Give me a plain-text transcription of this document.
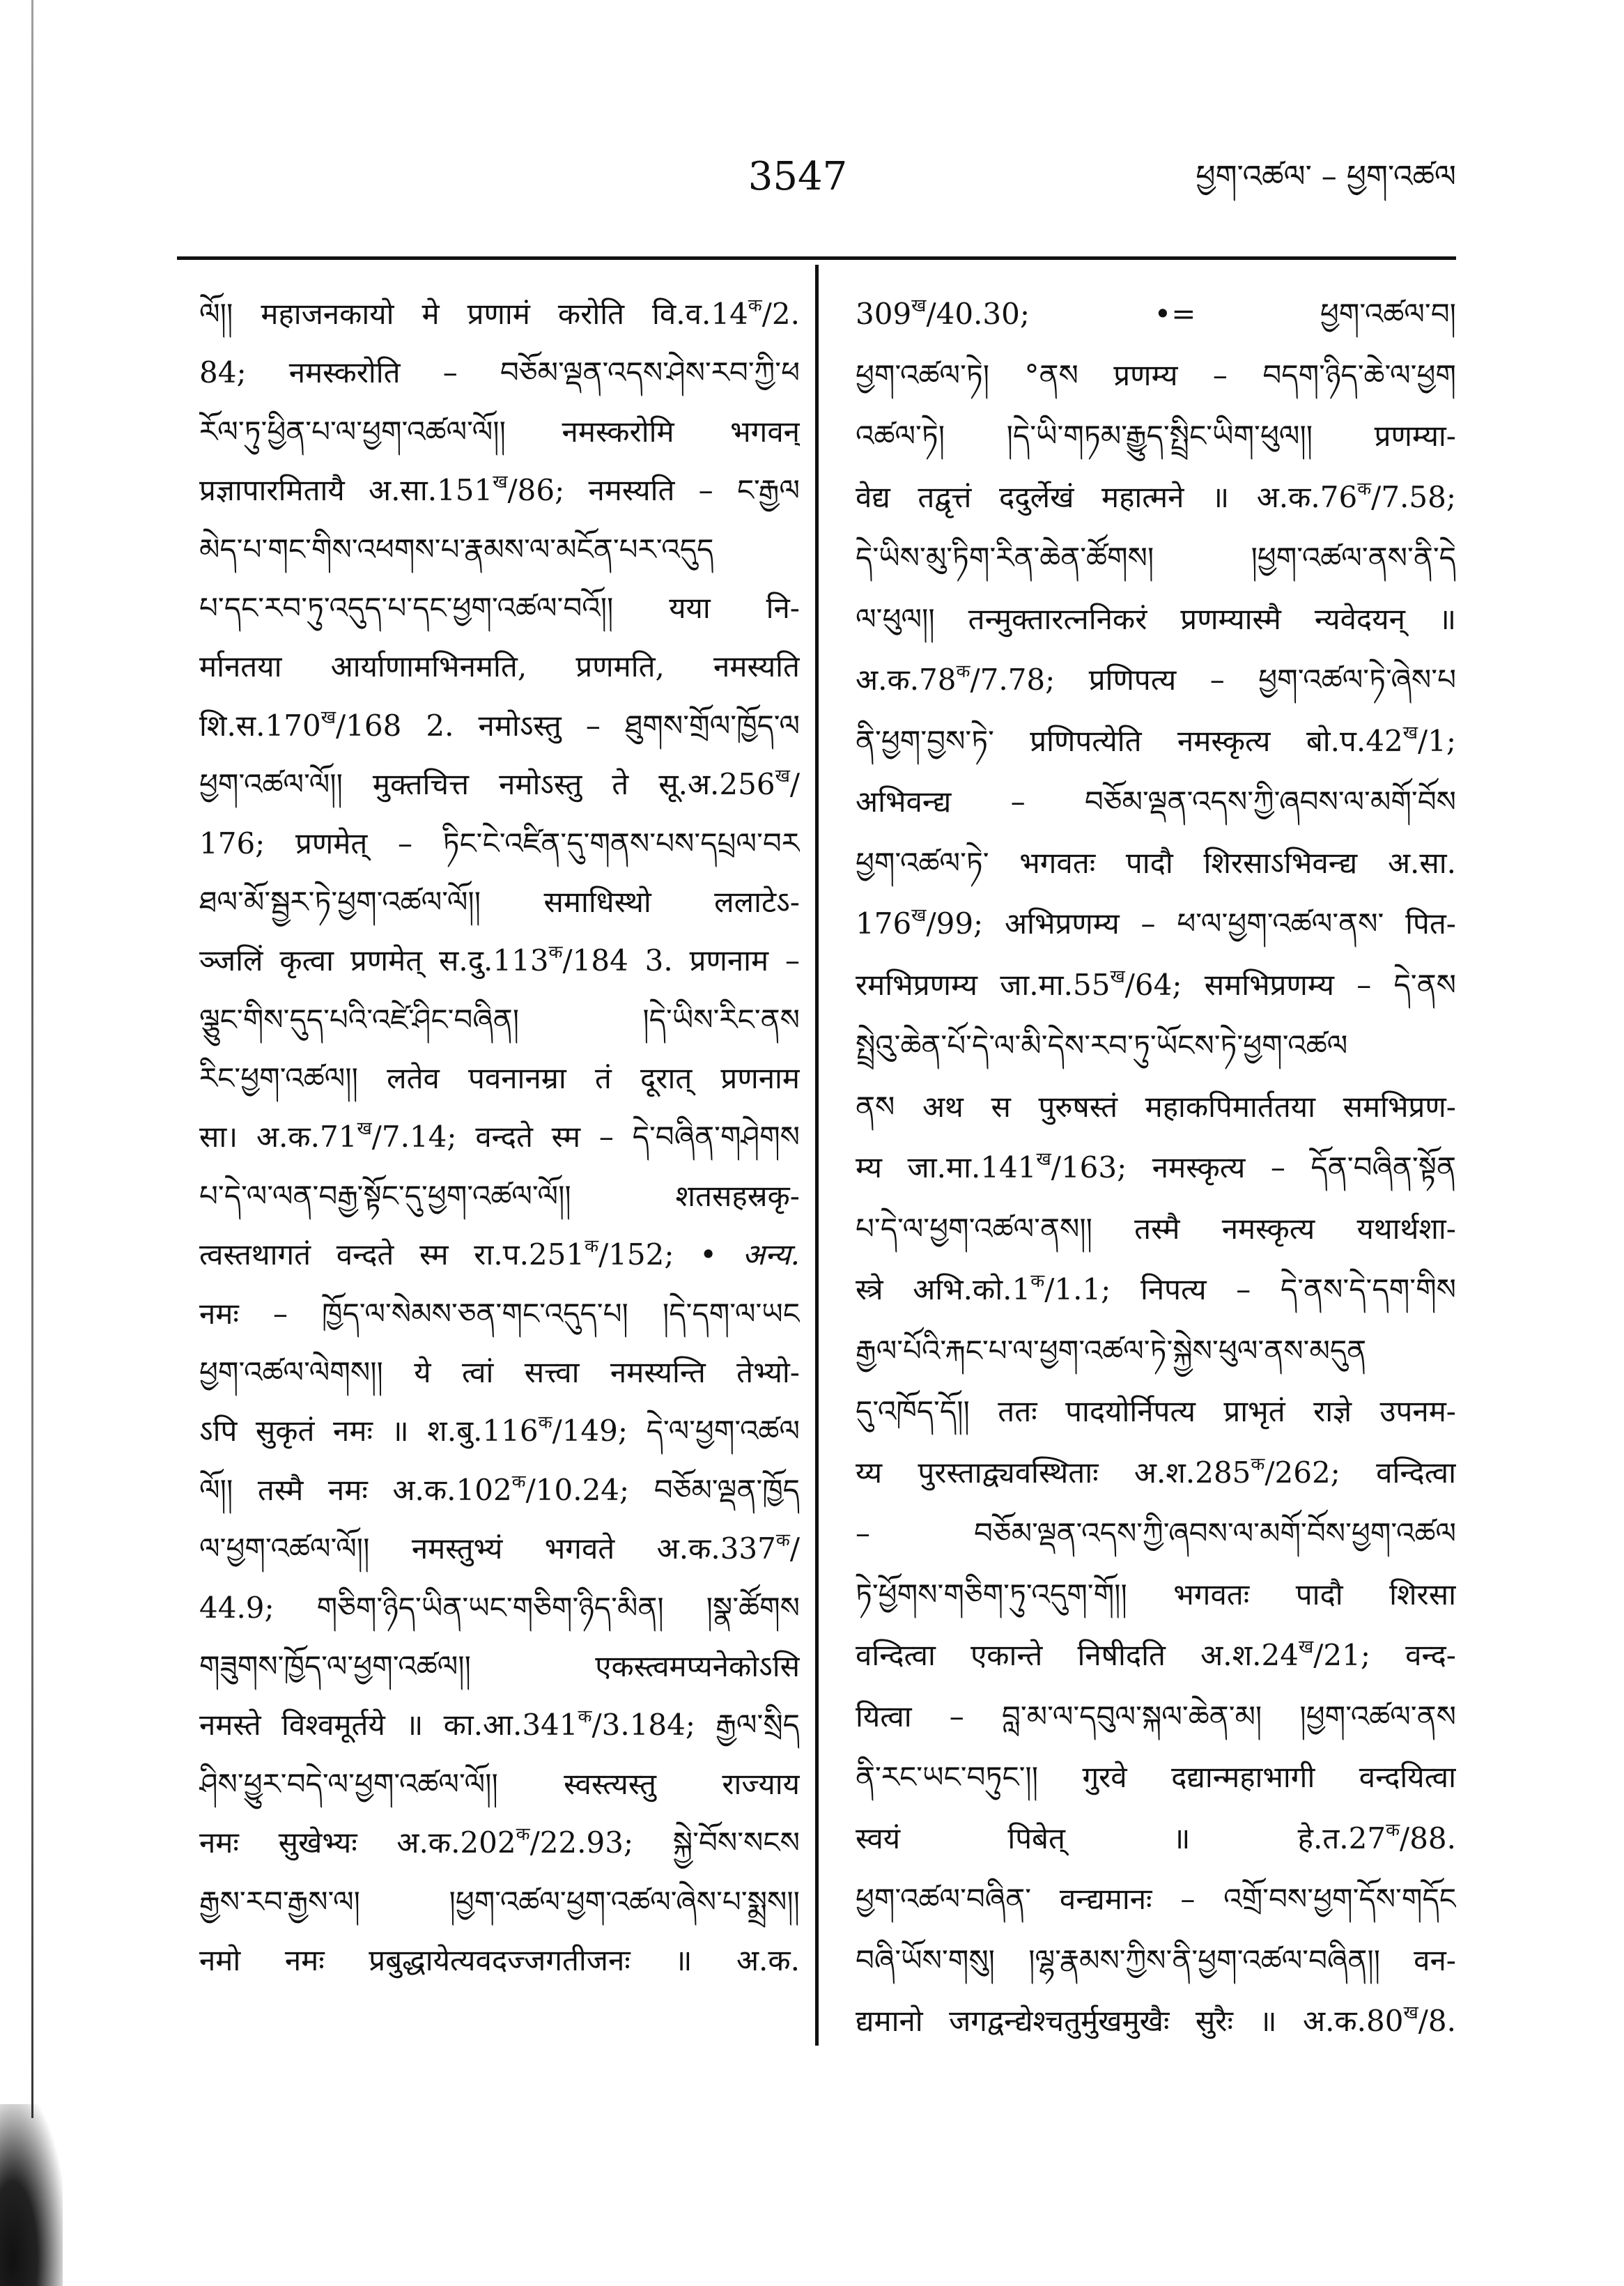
3547	ཕྱག་འཚལ་ – ཕྱག་འཚལ
ལོ།། महाजनकायो मे प्रणामं करोति $वि.व.14^क/2$.
84; नमस्करोति – བཅོམ་ལྡན་འདས་ཤེས་རབ་ཀྱི་ཕ
རོལ་ཏུ་ཕྱིན་པ་ལ་ཕྱག་འཚལ་ལོ།། नमस्करोमि भगवन्
प्रज्ञापारमितायै $अ.सा.151^ख/86$; नमस्यति – ང་རྒྱལ
མེད་པ་གང་གིས་འཕགས་པ་རྣམས་ལ་མངོན་པར་འདུད
པ་དང་རབ་ཏུ་འདུད་པ་དང་ཕྱག་འཚལ་བའོ།། यया नि-
र्मानतया आर्याणामभिनमति, प्रणमति, नमस्यति
$शि.स.170^ख/168$ 2. नमोऽस्तु – ཐུགས་གྲོལ་ཁྱོད་ལ
ཕྱག་འཚལ་ལོ།། मुक्तचित्त नमोऽस्तु ते $सू.अ.256^ख/$
176; प्रणमेत् – ཏིང་ངེ་འཛིན་དུ་གནས་པས་དཔྲལ་བར
ཐལ་མོ་སྦྱར་ཏེ་ཕྱག་འཚལ་ལོ།། समाधिस्थो ललाटेऽ-
ञ्जलिं कृत्वा प्रणमेत् $स.दु.113^क/184$ 3. प्रणनाम –
ལྕུང་གིས་དུད་པའི་འཛེ་ཤིང་བཞིན། །དེ་ཡིས་རིང་ནས
རིང་ཕྱག་འཚལ།། लतेव पवनानम्रा तं दूरात् प्रणनाम
सा। $अ.क.71^ख/7.14$; वन्दते स्म – དེ་བཞིན་གཤེགས
པ་དེ་ལ་ལན་བརྒྱ་སྟོང་དུ་ཕྱག་འཚལ་ལོ།། शतसहस्रकृ-
त्वस्तथागतं वन्दते स्म $रा.प.251^क/152$; • अन्य.
नमः – ཁྱོད་ལ་སེམས་ཅན་གང་འདུད་པ། །དེ་དག་ལ་ཡང
ཕྱག་འཚལ་ལེགས།། ये त्वां सत्त्वा नमस्यन्ति तेभ्यो-
ऽपि सुकृतं नमः ॥ $श.बु.116^क/149$; དེ་ལ་ཕྱག་འཚལ
ལོ།། तस्मै नमः $अ.क.102^क/10.24$; བཅོམ་ལྡན་ཁྱོད
ལ་ཕྱག་འཚལ་ལོ།། नमस्तुभ्यं भगवते $अ.क.337^क/$
44.9; གཅིག་ཉིད་ཡིན་ཡང་གཅིག་ཉིད་མིན། །སྣ་ཚོགས
གཟུགས་ཁྱོད་ལ་ཕྱག་འཚལ།། एकस्त्वमप्यनेकोऽसि
नमस्ते विश्वमूर्तये ॥ $का.आ.341^क/3.184$; རྒྱལ་སྲིད
ཤིས་ཕྱུར་བདེ་ལ་ཕྱག་འཚལ་ལོ།། स्वस्त्यस्तु राज्याय
नमः सुखेभ्यः $अ.क.202^क/22.93$; སྐྱེ་བོས་སངས
རྒྱས་རབ་རྒྱས་ལ། །ཕྱག་འཚལ་ཕྱག་འཚལ་ཞེས་པ་སྨྲས།།
नमो नमः प्रबुद्धायेत्यवदज्जगतीजनः ॥ अ.क.
$309^ख/40.30$; •= ཕྱག་འཚལ་བ།
ཕྱག་འཚལ་ཏེ། °ནས प्रणम्य – བདག་ཉིད་ཆེ་ལ་ཕྱག
འཚལ་ཏེ། །དེ་ཡི་གཏམ་རྒྱུད་སྤྲིང་ཡིག་ཕུལ།། प्रणम्या-
वेद्य तद्वृत्तं ददुर्लेखं महात्मने ॥ $अ.क.76^क/7.58$;
དེ་ཡིས་མུ་ཏིག་རིན་ཆེན་ཚོགས། །ཕྱག་འཚལ་ནས་ནི་དེ
ལ་ཕུལ།། तन्मुक्तारत्ननिकरं प्रणम्यास्मै न्यवेदयन् ॥
$अ.क.78^क/7.78$; प्रणिपत्य – ཕྱག་འཚལ་ཏེ་ཞེས་པ
ནི་ཕྱག་བྱས་ཏེ་ प्रणिपत्येति नमस्कृत्य $बो.प.42^ख/1$;
अभिवन्द्य – བཅོམ་ལྡན་འདས་ཀྱི་ཞབས་ལ་མགོ་བོས
ཕྱག་འཚལ་ཏེ་ भगवतः पादौ शिरसाऽभिवन्द्य अ.सा.
$176^ख/99$; अभिप्रणम्य – ཕ་ལ་ཕྱག་འཚལ་ནས་ पित-
रमभिप्रणम्य $जा.मा.55^ख/64$; समभिप्रणम्य – དེ་ནས
སྤྲེའུ་ཆེན་པོ་དེ་ལ་མི་དེས་རབ་ཏུ་ཡོངས་ཏེ་ཕྱག་འཚལ
ནས अथ स पुरुषस्तं महाकपिमार्ततया समभिप्रण-
म्य $जा.मा.141^ख/163$; नमस्कृत्य – དོན་བཞིན་སྟོན
པ་དེ་ལ་ཕྱག་འཚལ་ནས།། तस्मै नमस्कृत्य यथार्थशा-
स्त्रे $अभि.को.1^क/1.1$; निपत्य – དེ་ནས་དེ་དག་གིས
རྒྱལ་པོའི་རྐང་པ་ལ་ཕྱག་འཚལ་ཏེ་སྐྱེས་ཕུལ་ནས་མདུན
དུ་འཁོད་དོ།། ततः पादयोर्निपत्य प्राभृतं राज्ञे उपनम-
य्य पुरस्ताद्व्यवस्थिताः $अ.श.285^क/262$; वन्दित्वा
– བཅོམ་ལྡན་འདས་ཀྱི་ཞབས་ལ་མགོ་བོས་ཕྱག་འཚལ
ཏེ་ཕྱོགས་གཅིག་ཏུ་འདུག་གོ།། भगवतः पादौ शिरसा
वन्दित्वा एकान्ते निषीदति $अ.श.24^ख/21$; वन्द-
यित्वा – བླ་མ་ལ་དབུལ་སྐལ་ཆེན་མ། །ཕྱག་འཚལ་ནས
ནི་རང་ཡང་བཏུང་།། गुरवे दद्यान्महाभागी वन्दयित्वा
स्वयं पिबेत् ॥ $हे.त.27^क/88$.
ཕྱག་འཚལ་བཞིན་ वन्द्यमानः – འགྲོ་བས་ཕྱག་དོས་གདོང
བཞི་ཡོས་གསུ། །ལྷ་རྣམས་ཀྱིས་ནི་ཕྱག་འཚལ་བཞིན།། वन-
द्यमानो जगद्वन्द्येश्चतुर्मुखमुखैः सुरैः ॥ $अ.क.80^ख/8$.
